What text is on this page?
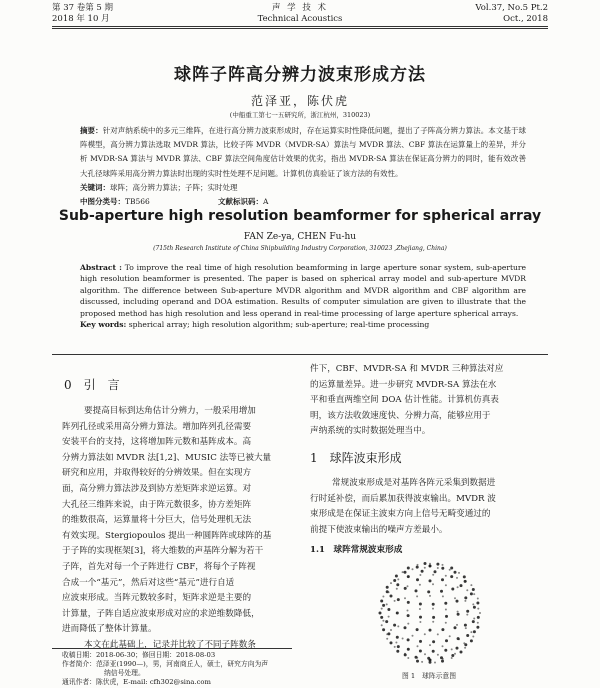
第 37 卷第 5 期
2018 年 10 月
声 学 技 术
Technical Acoustics
Vol.37, No.5 Pt.2
Oct., 2018
球阵子阵高分辨力波束形成方法
范泽亚，陈伏虎
(中船重工第七一五研究所，浙江杭州，310023)
摘要：针对声纳系统中的多元三维阵，在进行高分辨力波束形成时，存在运算实时性降低问题，提出了子阵高分辨力算法。本文基于球阵模型，高分辨力算法选取 MVDR 算法，比较子阵 MVDR（MVDR-SA）算法与 MVDR 算法、CBF 算法在运算量上的差异，并分析 MVDR-SA 算法与 MVDR 算法、CBF 算法空间角度估计效果的优劣，指出 MVDR-SA 算法在保证高分辨力的同时，能有效改善大孔径球阵采用高分辨力算法时出现的实时性处理不足问题。计算机仿真验证了该方法的有效性。
关键词：球阵；高分辨力算法；子阵；实时处理
中图分类号：TB566	文献标识码：A
Sub-aperture high resolution beamformer for spherical array
FAN Ze-ya, CHEN Fu-hu
(715th Research Institute of China Shipbuilding Industry Corporation, 310023 ,Zhejiang, China)
Abstract : To improve the real time of high resolution beamforming in large aperture sonar system, sub-aperture high resolution beamformer is presented. The paper is based on spherical array model and sub-aperture MVDR algorithm. The difference between Sub-aperture MVDR algorithm and MVDR algorithm and CBF algorithm are discussed, including operand and DOA estimation. Results of computer simulation are given to illustrate that the proposed method has high resolution and less operand in real-time processing of large aperture spherical arrays.
Key words: spherical array; high resolution algorithm; sub-aperture; real-time processing
0　引　言
要提高目标到达角估计分辨力，一般采用增加
阵列孔径或采用高分辨力算法。增加阵列孔径需要
安装平台的支持，这将增加阵元数和基阵成本。高
分辨力算法如 MVDR 法[1,2]、MUSIC 法等已被大量
研究和应用，并取得较好的分辨效果。但在实现方
面，高分辨力算法涉及到协方差矩阵求逆运算。对
大孔径三维阵来说，由于阵元数很多，协方差矩阵
的维数很高，运算量将十分巨大，信号处理机无法
有效实现。Stergiopoulos 提出一种圆阵阵或球阵的基
于子阵的实现框架[3]，将大维数的声基阵分解为若干
子阵，首先对每一个子阵进行 CBF，将每个子阵视
合成一个“基元”，然后对这些“基元”进行自适
应波束形成。当阵元数较多时，矩阵求逆是主要的
计算量，子阵自适应波束形成对应的求逆维数降低，
进而降低了整体计算量。
本文在此基础上，记录并比较了不同子阵数条
件下，CBF、MVDR-SA 和 MVDR 三种算法对应
的运算量差异。进一步研究 MVDR-SA 算法在水
平和垂直两维空间 DOA 估计性能。计算机仿真表
明，该方法收敛速度快、分辨力高，能够应用于
声纳系统的实时数据处理当中。
1　球阵波束形成
常规波束形成是对基阵各阵元采集到数据进
行时延补偿，而后累加获得波束输出。MVDR 波
束形成是在保证主波束方向上信号无畸变通过的
前提下使波束输出的噪声方差最小。
1.1　球阵常规波束形成
图 1　球阵示意图
收稿日期：2018-06-30；修回日期：2018-08-03
作者简介：范泽亚(1990—)，男，河南商丘人，硕士，研究方向为声
纳信号处理。
通讯作者：陈伏虎，E-mail: cfh302@sina.com
